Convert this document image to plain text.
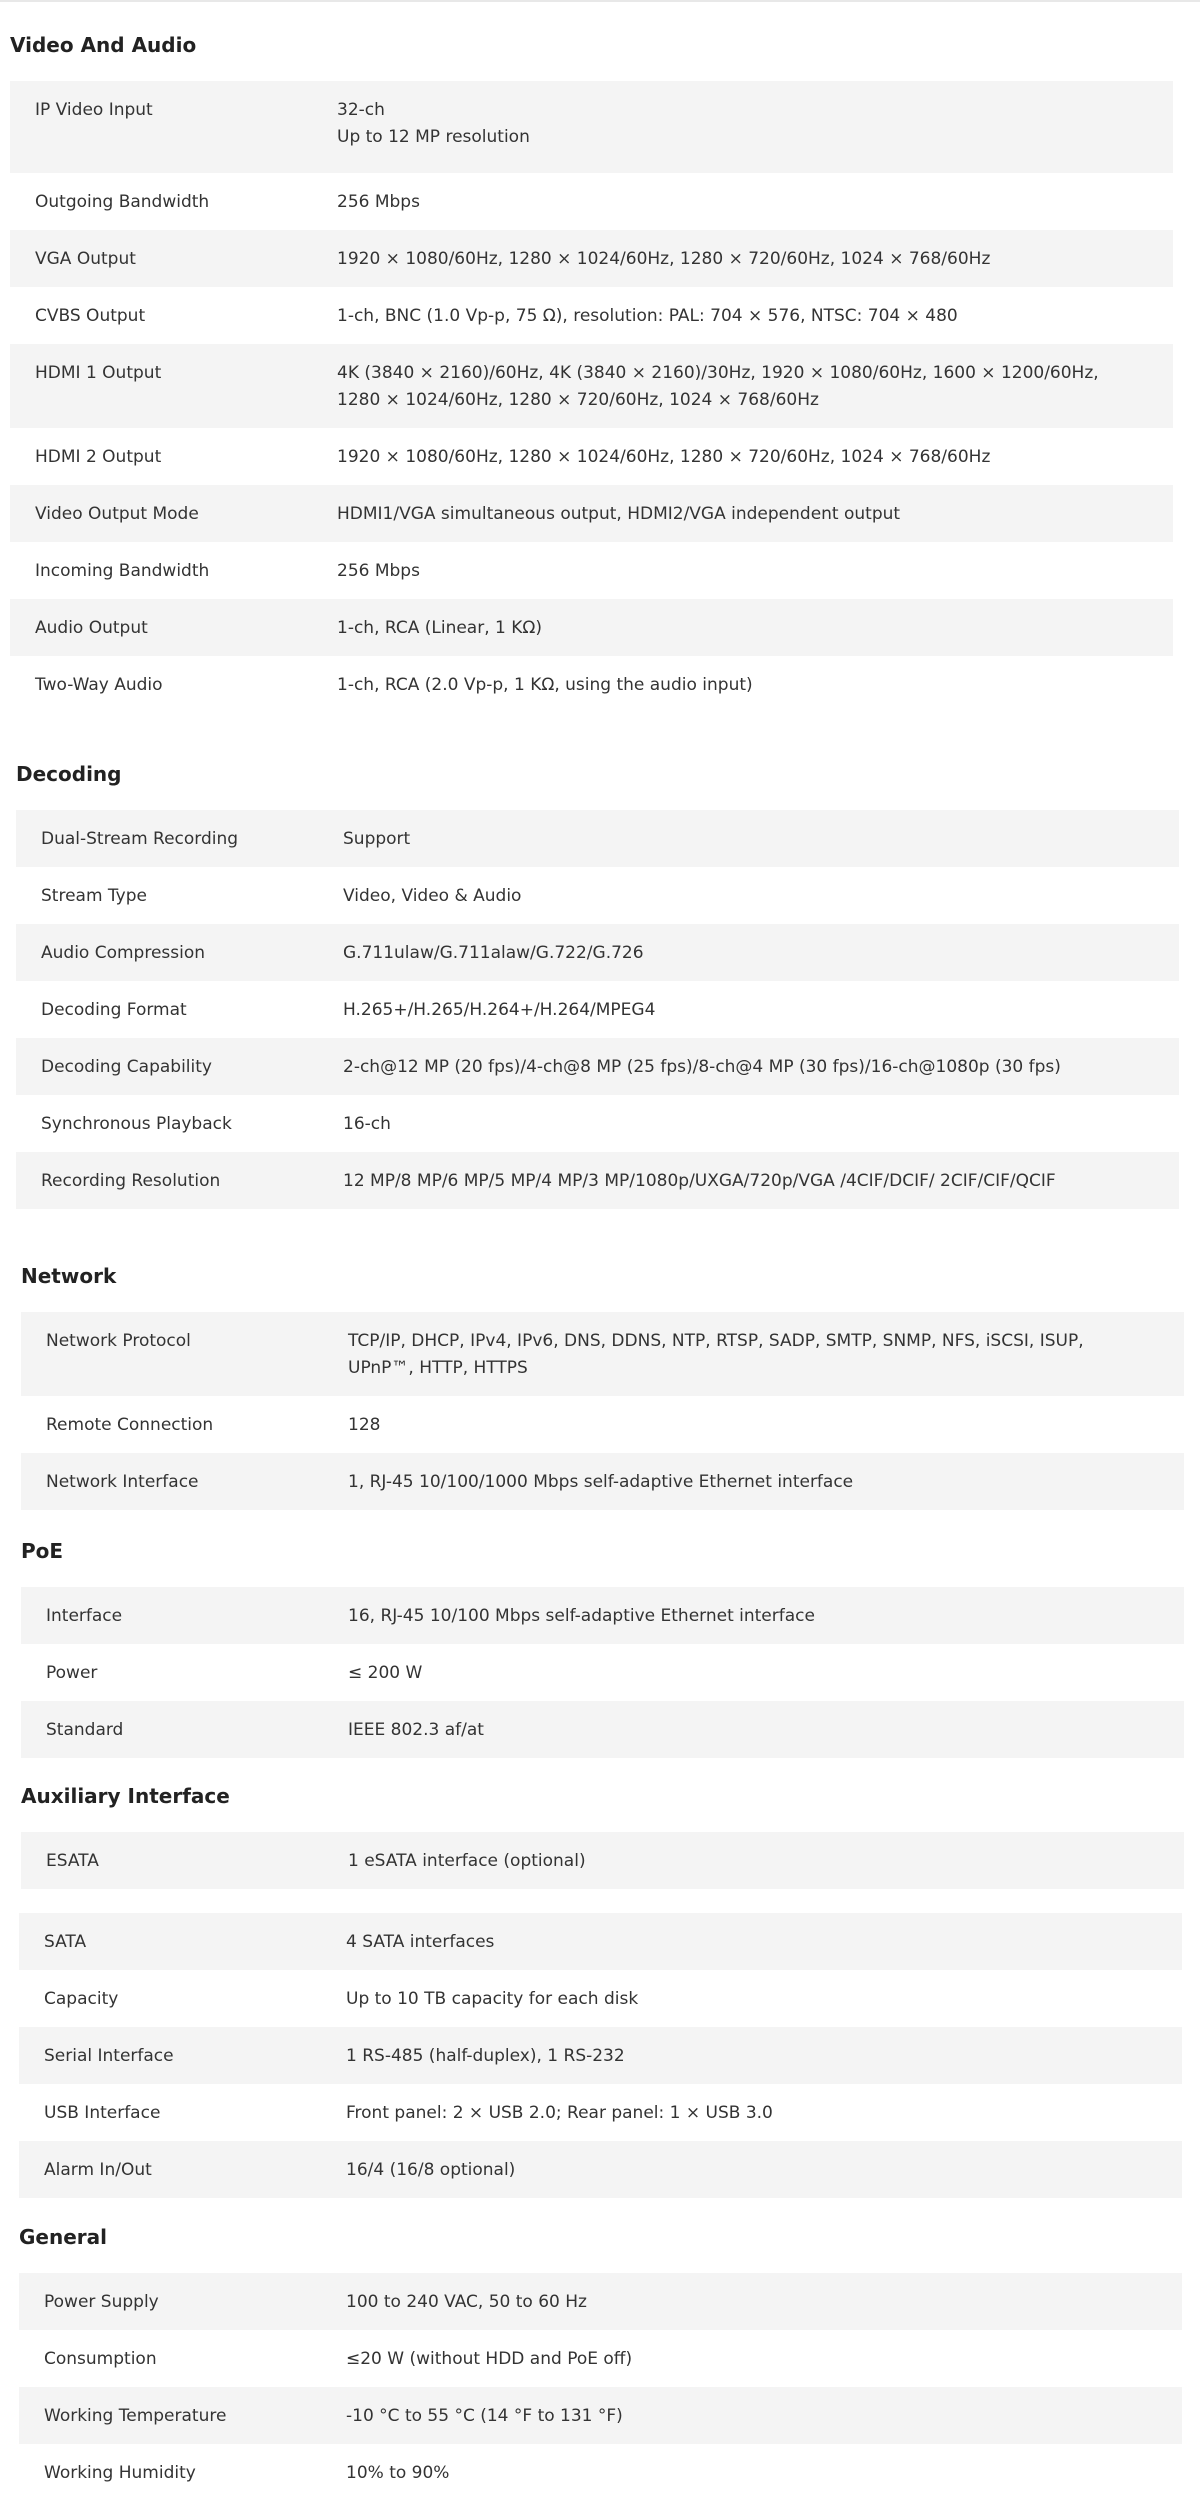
Video And Audio
IP Video Input	32-ch
Up to 12 MP resolution
Outgoing Bandwidth	256 Mbps
VGA Output	1920 × 1080/60Hz, 1280 × 1024/60Hz, 1280 × 720/60Hz, 1024 × 768/60Hz
CVBS Output	1-ch, BNC (1.0 Vp-p, 75 Ω), resolution: PAL: 704 × 576, NTSC: 704 × 480
HDMI 1 Output	4K (3840 × 2160)/60Hz, 4K (3840 × 2160)/30Hz, 1920 × 1080/60Hz, 1600 × 1200/60Hz,
1280 × 1024/60Hz, 1280 × 720/60Hz, 1024 × 768/60Hz
HDMI 2 Output	1920 × 1080/60Hz, 1280 × 1024/60Hz, 1280 × 720/60Hz, 1024 × 768/60Hz
Video Output Mode	HDMI1/VGA simultaneous output, HDMI2/VGA independent output
Incoming Bandwidth	256 Mbps
Audio Output	1-ch, RCA (Linear, 1 KΩ)
Two-Way Audio	1-ch, RCA (2.0 Vp-p, 1 KΩ, using the audio input)
Decoding
Dual-Stream Recording	Support
Stream Type	Video, Video & Audio
Audio Compression	G.711ulaw/G.711alaw/G.722/G.726
Decoding Format	H.265+/H.265/H.264+/H.264/MPEG4
Decoding Capability	2-ch@12 MP (20 fps)/4-ch@8 MP (25 fps)/8-ch@4 MP (30 fps)/16-ch@1080p (30 fps)
Synchronous Playback	16-ch
Recording Resolution	12 MP/8 MP/6 MP/5 MP/4 MP/3 MP/1080p/UXGA/720p/VGA /4CIF/DCIF/ 2CIF/CIF/QCIF
Network
Network Protocol	TCP/IP, DHCP, IPv4, IPv6, DNS, DDNS, NTP, RTSP, SADP, SMTP, SNMP, NFS, iSCSI, ISUP,
UPnP™, HTTP, HTTPS
Remote Connection	128
Network Interface	1, RJ-45 10/100/1000 Mbps self-adaptive Ethernet interface
PoE
Interface	16, RJ-45 10/100 Mbps self-adaptive Ethernet interface
Power	≤ 200 W
Standard	IEEE 802.3 af/at
Auxiliary Interface
ESATA	1 eSATA interface (optional)
SATA	4 SATA interfaces
Capacity	Up to 10 TB capacity for each disk
Serial Interface	1 RS-485 (half-duplex), 1 RS-232
USB Interface	Front panel: 2 × USB 2.0; Rear panel: 1 × USB 3.0
Alarm In/Out	16/4 (16/8 optional)
General
Power Supply	100 to 240 VAC, 50 to 60 Hz
Consumption	≤20 W (without HDD and PoE off)
Working Temperature	-10 °C to 55 °C (14 °F to 131 °F)
Working Humidity	10% to 90%
